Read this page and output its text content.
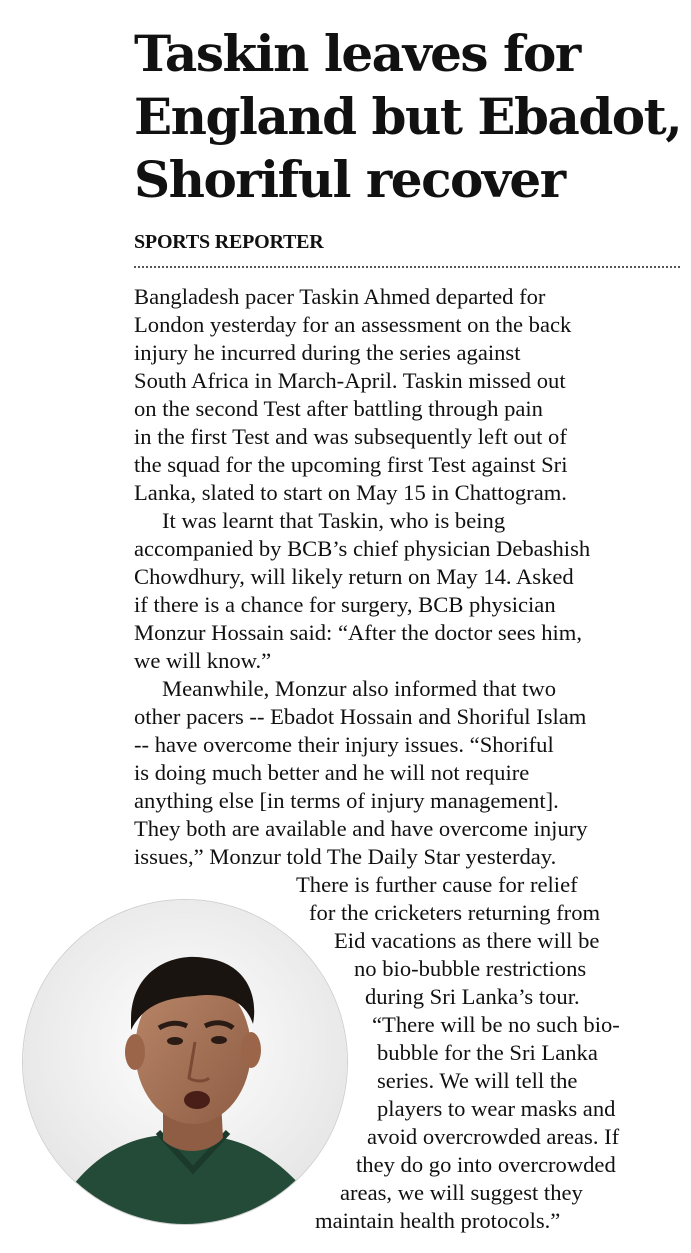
Taskin leaves for
England but Ebadot,
Shoriful recover
SPORTS REPORTER
Bangladesh pacer Taskin Ahmed departed for
London yesterday for an assessment on the back
injury he incurred during the series against
South Africa in March-April. Taskin missed out
on the second Test after battling through pain
in the first Test and was subsequently left out of
the squad for the upcoming first Test against Sri
Lanka, slated to start on May 15 in Chattogram.
It was learnt that Taskin, who is being
accompanied by BCB’s chief physician Debashish
Chowdhury, will likely return on May 14. Asked
if there is a chance for surgery, BCB physician
Monzur Hossain said: “After the doctor sees him,
we will know.”
Meanwhile, Monzur also informed that two
other pacers -- Ebadot Hossain and Shoriful Islam
-- have overcome their injury issues. “Shoriful
is doing much better and he will not require
anything else [in terms of injury management].
They both are available and have overcome injury
issues,” Monzur told The Daily Star yesterday.
There is further cause for relief
for the cricketers returning from
Eid vacations as there will be
no bio-bubble restrictions
during Sri Lanka’s tour.
“There will be no such bio-
bubble for the Sri Lanka
series. We will tell the
players to wear masks and
avoid overcrowded areas. If
they do go into overcrowded
areas, we will suggest they
maintain health protocols.”
